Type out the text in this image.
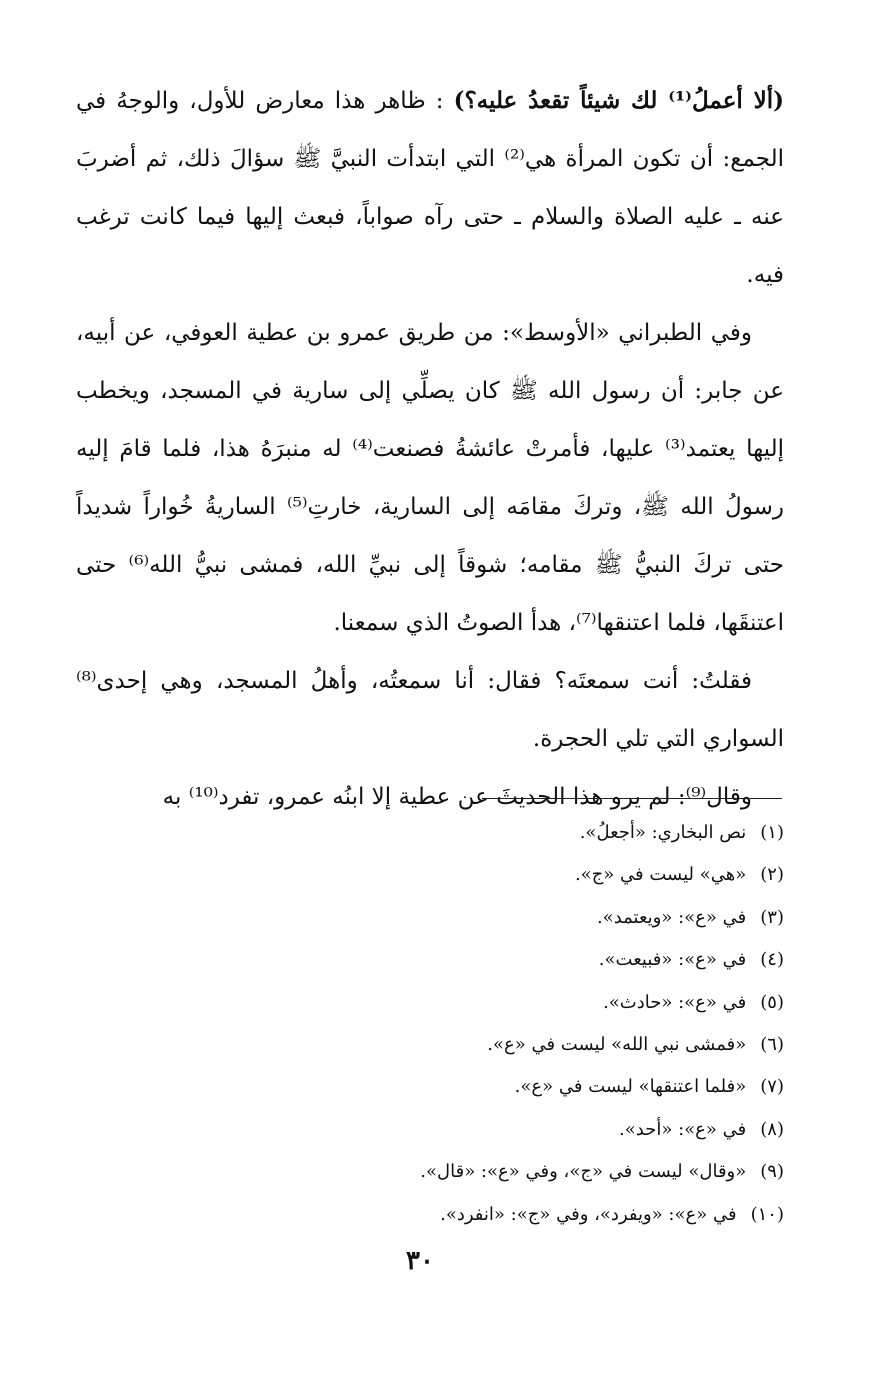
(ألا أعملُ⁽¹⁾ لك شيئاً تقعدُ عليه؟) : ظاهر هذا معارض للأول، والوجهُ في الجمع: أن تكون المرأة هي⁽²⁾ التي ابتدأت النبيَّ ﷺ سؤالَ ذلك، ثم أضربَ عنه ـ عليه الصلاة والسلام ـ حتى رآه صواباً، فبعث إليها فيما كانت ترغب فيه.

وفي الطبراني «الأوسط»: من طريق عمرو بن عطية العوفي، عن أبيه، عن جابر: أن رسول الله ﷺ كان يصلِّي إلى سارية في المسجد، ويخطب إليها يعتمد⁽³⁾ عليها، فأمرتْ عائشةُ فصنعت⁽⁴⁾ له منبرَهُ هذا، فلما قامَ إليه رسولُ الله ﷺ، وتركَ مقامَه إلى السارية، خارتِ⁽⁵⁾ الساريةُ خُواراً شديداً حتى تركَ النبيُّ ﷺ مقامه؛ شوقاً إلى نبيِّ الله، فمشى نبيُّ الله⁽⁶⁾ حتى اعتنقَها، فلما اعتنقها⁽⁷⁾، هدأ الصوتُ الذي سمعنا.

فقلتُ: أنت سمعتَه؟ فقال: أنا سمعتُه، وأهلُ المسجد، وهي إحدى⁽⁸⁾ السواري التي تلي الحجرة.

وقال⁽⁹⁾: لم يرو هذا الحديثَ عن عطية إلا ابنُه عمرو، تفرد⁽¹⁰⁾ به

(١)نص البخاري: «أجعلُ».
(٢)«هي» ليست في «ج».
(٣)في «ع»: «ويعتمد».
(٤)في «ع»: «فبيعت».
(٥)في «ع»: «حادث».
(٦)«فمشى نبي الله» ليست في «ع».
(٧)«فلما اعتنقها» ليست في «ع».
(٨)في «ع»: «أحد».
(٩)«وقال» ليست في «ج»، وفي «ع»: «قال».
(١٠)في «ع»: «ويفرد»، وفي «ج»: «انفرد».
٣٠
